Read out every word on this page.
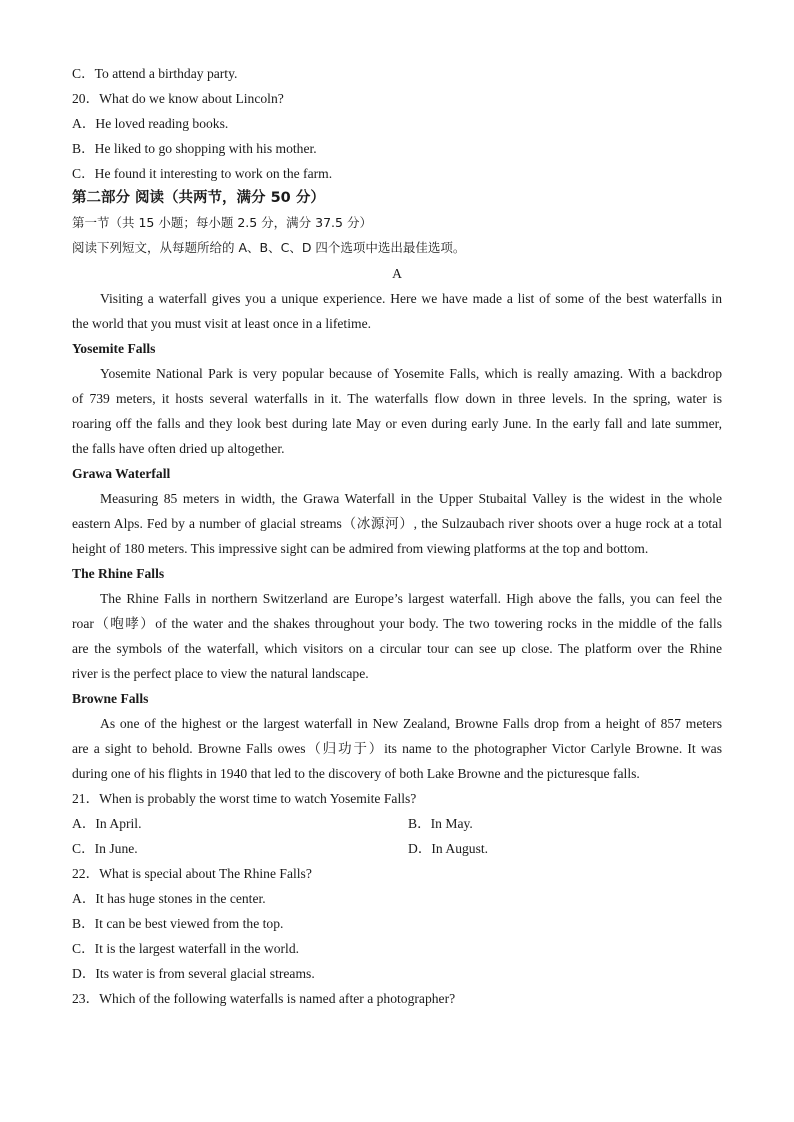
C．To attend a birthday party.
20．What do we know about Lincoln?
A．He loved reading books.
B．He liked to go shopping with his mother.
C．He found it interesting to work on the farm.
第二部分 阅读（共两节，满分 50 分）
第一节（共 15 小题；每小题 2.5 分，满分 37.5 分）
阅读下列短文，从每题所给的 A、B、C、D 四个选项中选出最佳选项。
A
Visiting a waterfall gives you a unique experience. Here we have made a list of some of the best waterfalls in
the world that you must visit at least once in a lifetime.
Yosemite Falls
Yosemite National Park is very popular because of Yosemite Falls, which is really amazing. With a backdrop
of 739 meters, it hosts several waterfalls in it. The waterfalls flow down in three levels. In the spring, water is
roaring off the falls and they look best during late May or even during early June. In the early fall and late summer,
the falls have often dried up altogether.
Grawa Waterfall
Measuring 85 meters in width, the Grawa Waterfall in the Upper Stubaital Valley is the widest in the whole
eastern Alps. Fed by a number of glacial streams（冰源河）, the Sulzaubach river shoots over a huge rock at a total
height of 180 meters. This impressive sight can be admired from viewing platforms at the top and bottom.
The Rhine Falls
The Rhine Falls in northern Switzerland are Europe’s largest waterfall. High above the falls, you can feel the
roar（咆哮）of the water and the shakes throughout your body. The two towering rocks in the middle of the falls
are the symbols of the waterfall, which visitors on a circular tour can see up close. The platform over the Rhine
river is the perfect place to view the natural landscape.
Browne Falls
As one of the highest or the largest waterfall in New Zealand, Browne Falls drop from a height of 857 meters
are a sight to behold. Browne Falls owes（归功于）its name to the photographer Victor Carlyle Browne. It was
during one of his flights in 1940 that led to the discovery of both Lake Browne and the picturesque falls.
21．When is probably the worst time to watch Yosemite Falls?
A．In April.	B．In May.
C．In June.	D．In August.
22．What is special about The Rhine Falls?
A．It has huge stones in the center.
B．It can be best viewed from the top.
C．It is the largest waterfall in the world.
D．Its water is from several glacial streams.
23．Which of the following waterfalls is named after a photographer?
